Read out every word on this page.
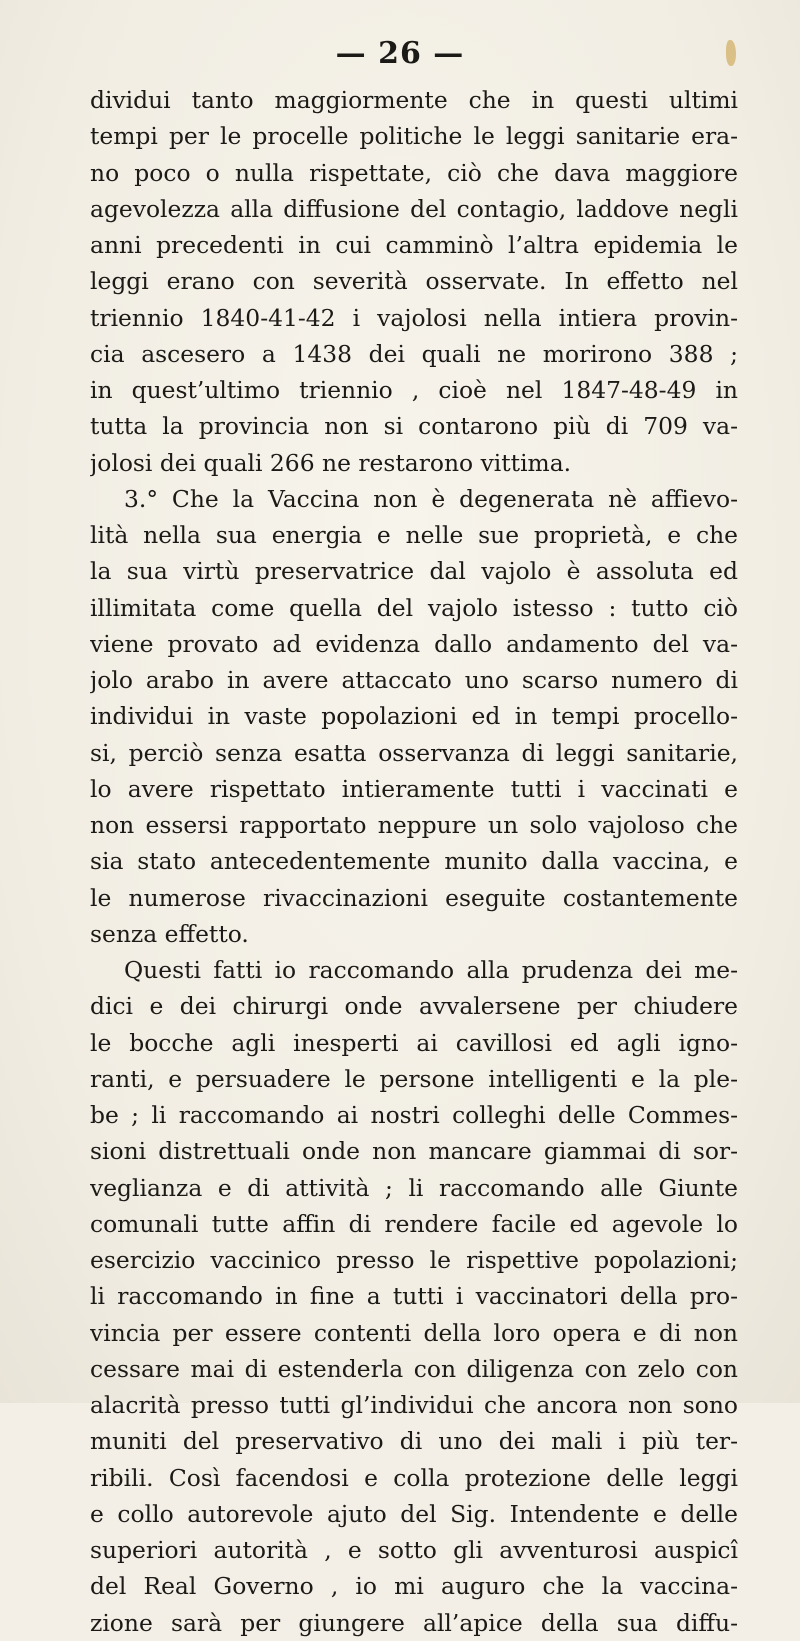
— 26 —
dividui tanto maggiormente che in questi ultimi
tempi per le procelle politiche le leggi sanitarie era-
no poco o nulla rispettate, ciò che dava maggiore
agevolezza alla diffusione del contagio, laddove negli
anni precedenti in cui camminò l’altra epidemia le
leggi erano con severità osservate. In effetto nel
triennio 1840-41-42 i vajolosi nella intiera provin-
cia ascesero a 1438 dei quali ne morirono 388 ;
in quest’ultimo triennio , cioè nel 1847-48-49 in
tutta la provincia non si contarono più di 709 va-
jolosi dei quali 266 ne restarono vittima.
3.° Che la Vaccina non è degenerata nè affievo-
lità nella sua energia e nelle sue proprietà, e che
la sua virtù preservatrice dal vajolo è assoluta ed
illimitata come quella del vajolo istesso : tutto ciò
viene provato ad evidenza dallo andamento del va-
jolo arabo in avere attaccato uno scarso numero di
individui in vaste popolazioni ed in tempi procello-
si, perciò senza esatta osservanza di leggi sanitarie,
lo avere rispettato intieramente tutti i vaccinati e
non essersi rapportato neppure un solo vajoloso che
sia stato antecedentemente munito dalla vaccina, e
le numerose rivaccinazioni eseguite costantemente
senza effetto.
Questi fatti io raccomando alla prudenza dei me-
dici e dei chirurgi onde avvalersene per chiudere
le bocche agli inesperti ai cavillosi ed agli igno-
ranti, e persuadere le persone intelligenti e la ple-
be ; li raccomando ai nostri colleghi delle Commes-
sioni distrettuali onde non mancare giammai di sor-
veglianza e di attività ; li raccomando alle Giunte
comunali tutte affin di rendere facile ed agevole lo
esercizio vaccinico presso le rispettive popolazioni;
li raccomando in fine a tutti i vaccinatori della pro-
vincia per essere contenti della loro opera e di non
cessare mai di estenderla con diligenza con zelo con
alacrità presso tutti gl’individui che ancora non sono
muniti del preservativo di uno dei mali i più ter-
ribili. Così facendosi e colla protezione delle leggi
e collo autorevole ajuto del Sig. Intendente e delle
superiori autorità , e sotto gli avventurosi auspicî
del Real Governo , io mi auguro che la vaccina-
zione sarà per giungere all’apice della sua diffu-
